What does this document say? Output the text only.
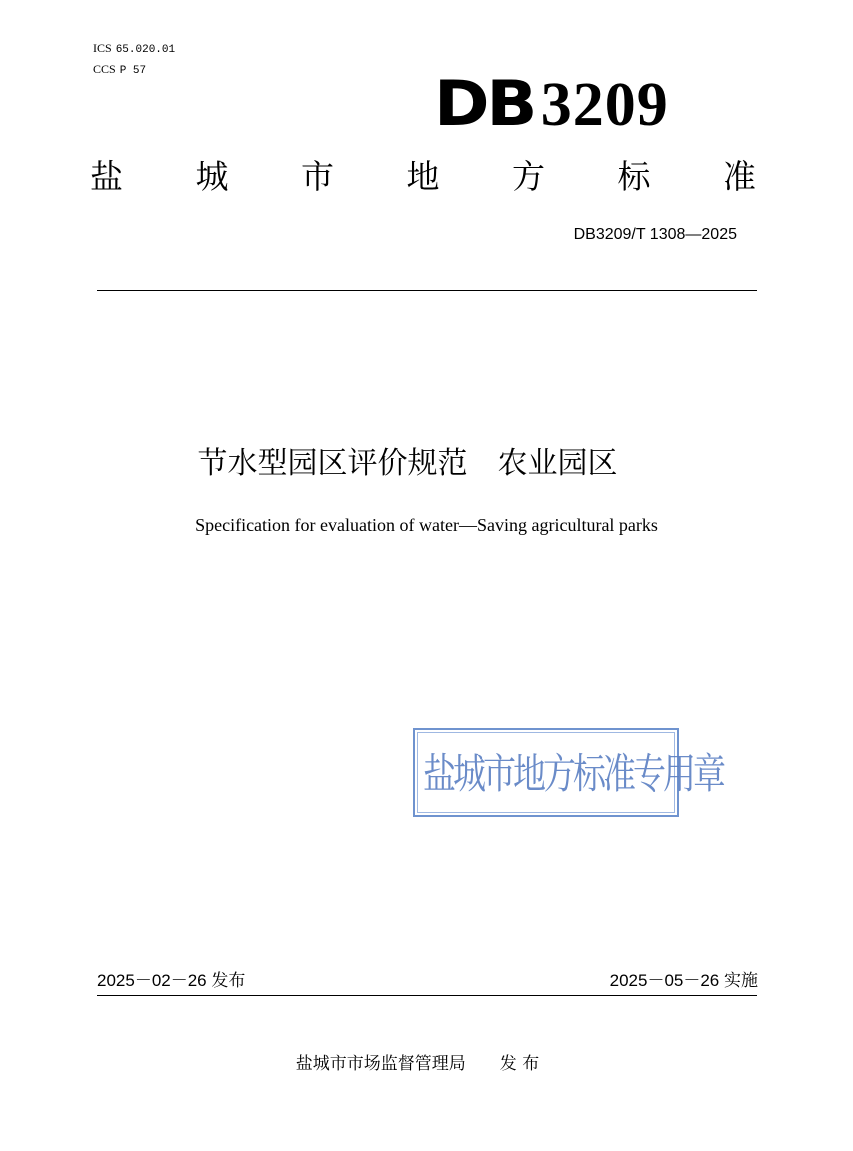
ICS 65.020.01
CCS P 57	DB 3209
盐 城 市 地 方 标 准
DB3209/T 1308—2025
节水型园区评价规范　农业园区
Specification for evaluation of water—Saving agricultural parks
盐城市地方标准专用章
2025－02－26 发布	2025－05－26 实施
盐城市市场监督管理局　　发 布
